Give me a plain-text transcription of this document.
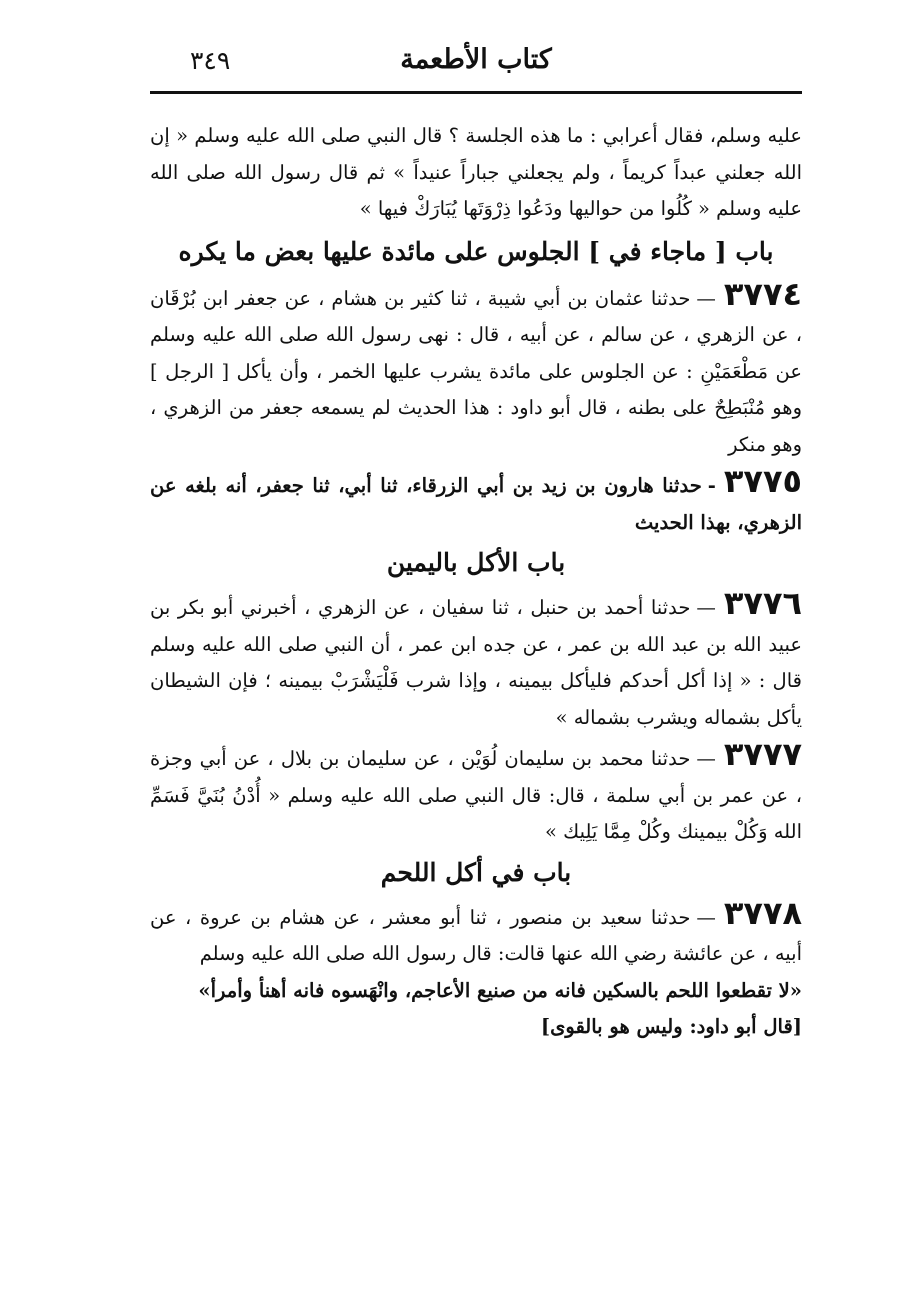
٣٤٩	كتاب الأطعمة

عليه وسلم، فقال أعرابي : ما هذه الجلسة ؟ قال النبي صلى الله عليه وسلم « إن الله جعلني عبداً كريماً ، ولم يجعلني جباراً عنيداً » ثم قال رسول الله صلى الله عليه وسلم « كُلُوا من حواليها ودَعُوا ذِرْوَتَها يُبَارَكْ فيها »

باب [ ماجاء في ] الجلوس على مائدة عليها بعض ما يكره

٣٧٧٤—حدثنا عثمان بن أبي شيبة ، ثنا كثير بن هشام ، عن جعفر ابن بُرْقَان ، عن الزهري ، عن سالم ، عن أبيه ، قال : نهى رسول الله صلى الله عليه وسلم عن مَطْعَمَيْنِ : عن الجلوس على مائدة يشرب عليها الخمر ، وأن يأكل [ الرجل ] وهو مُنْبَطِحٌ على بطنه ، قال أبو داود : هذا الحديث لم يسمعه جعفر من الزهري ، وهو منكر

٣٧٧٥-حدثنا هارون بن زيد بن أبي الزرقاء، ثنا أبي، ثنا جعفر، أنه بلغه عن الزهري، بهذا الحديث

باب الأكل باليمين

٣٧٧٦—حدثنا أحمد بن حنبل ، ثنا سفيان ، عن الزهري ، أخبرني أبو بكر بن عبيد الله بن عبد الله بن عمر ، عن جده ابن عمر ، أن النبي صلى الله عليه وسلم قال : « إذا أكل أحدكم فليأكل بيمينه ، وإذا شرب فَلْيَشْرَبْ بيمينه ؛ فإن الشيطان يأكل بشماله ويشرب بشماله »

٣٧٧٧—حدثنا محمد بن سليمان لُوَيْن ، عن سليمان بن بلال ، عن أبي وجزة ، عن عمر بن أبي سلمة ، قال: قال النبي صلى الله عليه وسلم « أُدْنُ بُنَيَّ فَسَمِّ الله وَكُلْ بيمينك وكُلْ مِمَّا يَلِيك »

باب في أكل اللحم

٣٧٧٨—حدثنا سعيد بن منصور ، ثنا أبو معشر ، عن هشام بن عروة ، عن أبيه ، عن عائشة رضي الله عنها قالت: قال رسول الله صلى الله عليه وسلم

«لا تقطعوا اللحم بالسكين فانه من صنيع الأعاجم، وانْهَسوه فانه أهنأ وأمرأ»

[قال أبو داود: وليس هو بالقوى]
